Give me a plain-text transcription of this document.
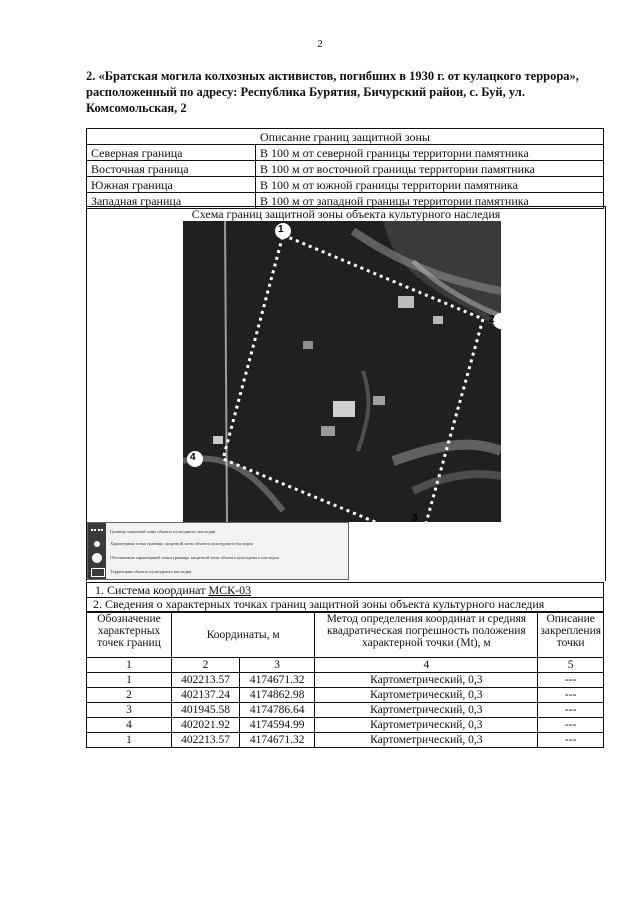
2
2. «Братская могила колхозных активистов, погибших в 1930 г. от кулацкого террора»,
расположенный по адресу: Республика Бурятия, Бичурский район, с. Буй, ул.
Комсомольская, 2
Описание границ защитной зоны	
Северная граница	В 100 м от северной границы территории памятника
Восточная граница	В 100 м от восточной границы территории памятника
Южная граница	В 100 м от южной границы территории памятника
Западная граница	В 100 м от западной границы территории памятника
Схема границ защитной зоны объекта культурного наследия
1
2
3
4
Граница защитной зоны объекта культурного наследия
Характерная точка границы защитной зоны объекта культурного наследия
Обозначение характерной точки границы защитной зоны объекта культурного наследия
Территория объекта культурного наследия
1. Система координат МСК-03
2. Сведения о характерных точках границ защитной зоны объекта культурного наследия
Обозначение характерных точек границ	Координаты, м		Метод определения координат и средняя квадратическая погрешность положения характерной точки (Mt), м	Описание закрепления точки
1	2	3	4	5
1	402213.57	4174671.32	Картометрический, 0,3	---
2	402137.24	4174862.98	Картометрический, 0,3	---
3	401945.58	4174786.64	Картометрический, 0,3	---
4	402021.92	4174594.99	Картометрический, 0,3	---
1	402213.57	4174671.32	Картометрический, 0,3	---
